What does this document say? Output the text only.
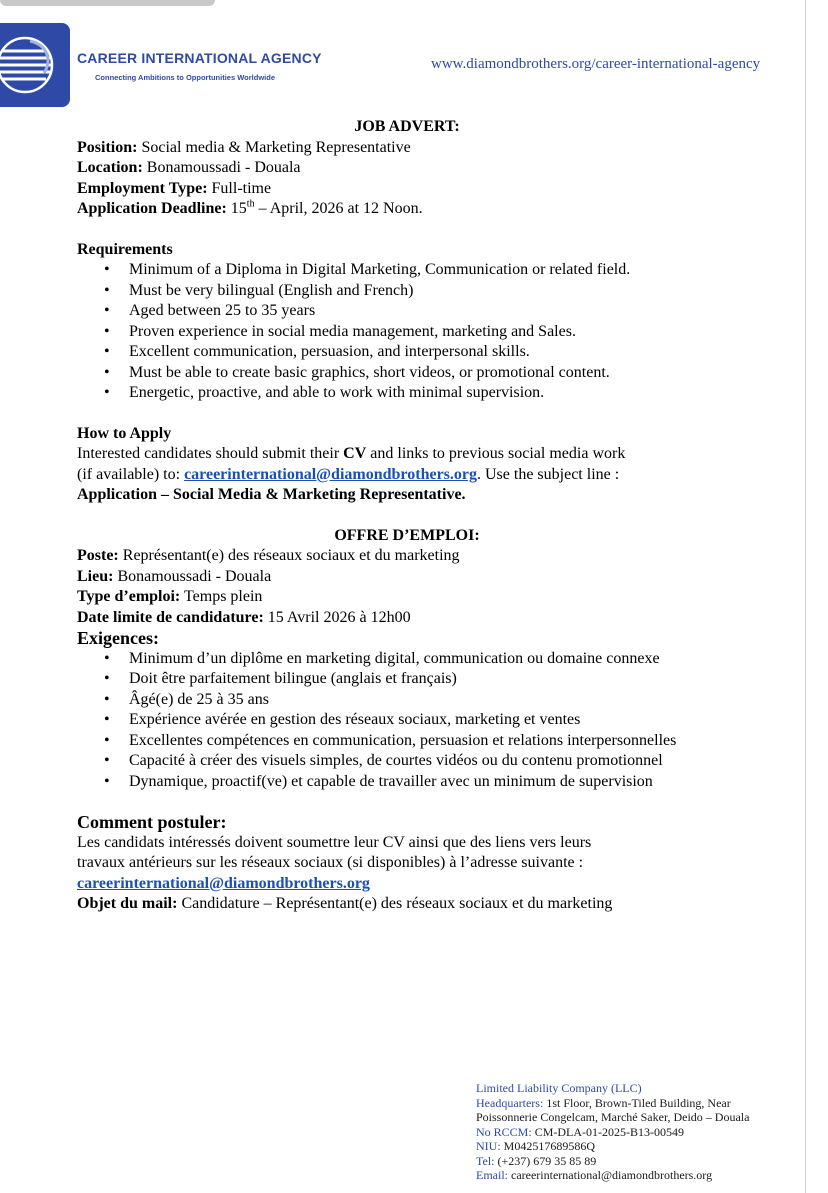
CAREER INTERNATIONAL AGENCY
Connecting Ambitions to Opportunities Worldwide
www.diamondbrothers.org/career-international-agency
JOB ADVERT:
Position: Social media & Marketing Representative
Location: Bonamoussadi - Douala
Employment Type: Full-time
Application Deadline: 15th – April, 2026 at 12 Noon.
Requirements
• Minimum of a Diploma in Digital Marketing, Communication or related field.
• Must be very bilingual (English and French)
• Aged between 25 to 35 years
• Proven experience in social media management, marketing and Sales.
• Excellent communication, persuasion, and interpersonal skills.
• Must be able to create basic graphics, short videos, or promotional content.
• Energetic, proactive, and able to work with minimal supervision.
How to Apply
Interested candidates should submit their CV and links to previous social media work
(if available) to: careerinternational@diamondbrothers.org. Use the subject line :
Application – Social Media & Marketing Representative.
OFFRE D’EMPLOI:
Poste: Représentant(e) des réseaux sociaux et du marketing
Lieu: Bonamoussadi - Douala
Type d’emploi: Temps plein
Date limite de candidature: 15 Avril 2026 à 12h00
Exigences:
• Minimum d’un diplôme en marketing digital, communication ou domaine connexe
• Doit être parfaitement bilingue (anglais et français)
• Âgé(e) de 25 à 35 ans
• Expérience avérée en gestion des réseaux sociaux, marketing et ventes
• Excellentes compétences en communication, persuasion et relations interpersonnelles
• Capacité à créer des visuels simples, de courtes vidéos ou du contenu promotionnel
• Dynamique, proactif(ve) et capable de travailler avec un minimum de supervision
Comment postuler:
Les candidats intéressés doivent soumettre leur CV ainsi que des liens vers leurs
travaux antérieurs sur les réseaux sociaux (si disponibles) à l’adresse suivante :
careerinternational@diamondbrothers.org
Objet du mail: Candidature – Représentant(e) des réseaux sociaux et du marketing
Limited Liability Company (LLC)
Headquarters: 1st Floor, Brown-Tiled Building, Near
Poissonnerie Congelcam, Marché Saker, Deido – Douala
No RCCM: CM-DLA-01-2025-B13-00549
NIU: M042517689586Q
Tel: (+237) 679 35 85 89
Email: careerinternational@diamondbrothers.org
